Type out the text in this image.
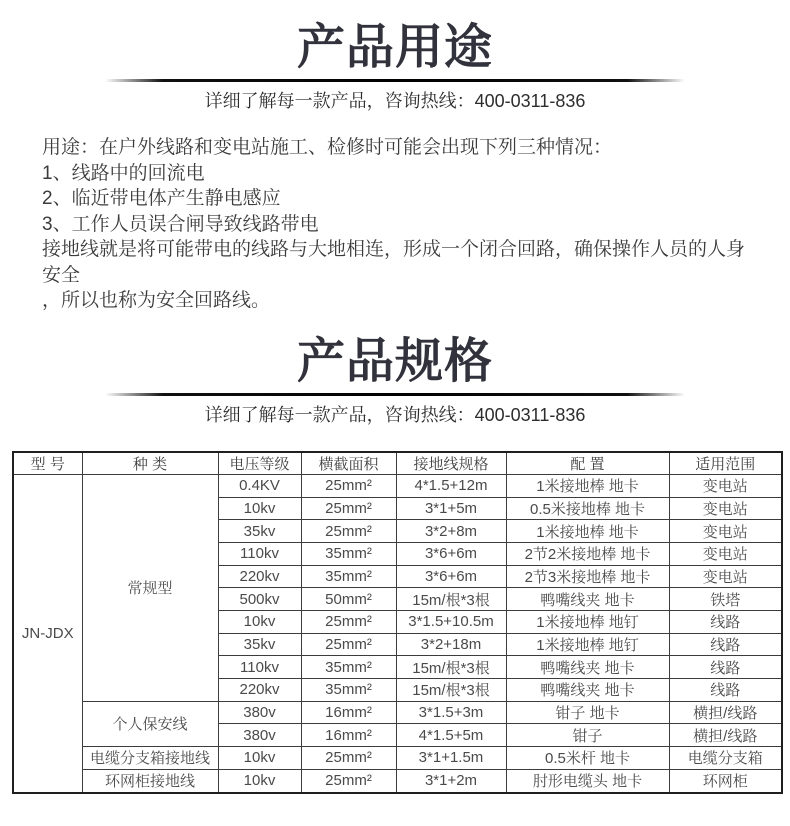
产品用途

详细了解每一款产品，咨询热线：400-0311-836

用途：在户外线路和变电站施工、检修时可能会出现下列三种情况：
1、线路中的回流电
2、临近带电体产生静电感应
3、工作人员误合闸导致线路带电
接地线就是将可能带电的线路与大地相连，形成一个闭合回路，确保操作人员的人身安全
，所以也称为安全回路线。
产品规格

详细了解每一款产品，咨询热线：400-0311-836

型 号	种 类	电压等级	横截面积	接地线规格	配 置	适用范围
JN-JDX	常规型	0.4KV	25mm²	4*1.5+12m	1米接地棒 地卡	变电站
		10kv	25mm²	3*1+5m	0.5米接地棒 地卡	变电站
		35kv	25mm²	3*2+8m	1米接地棒 地卡	变电站
		110kv	35mm²	3*6+6m	2节2米接地棒 地卡	变电站
		220kv	35mm²	3*6+6m	2节3米接地棒 地卡	变电站
		500kv	50mm²	15m/根*3根	鸭嘴线夹 地卡	铁塔
		10kv	25mm²	3*1.5+10.5m	1米接地棒 地钉	线路
		35kv	25mm²	3*2+18m	1米接地棒 地钉	线路
		110kv	35mm²	15m/根*3根	鸭嘴线夹 地卡	线路
		220kv	35mm²	15m/根*3根	鸭嘴线夹 地卡	线路
	个人保安线	380v	16mm²	3*1.5+3m	钳子 地卡	横担/线路
		380v	16mm²	4*1.5+5m	钳子	横担/线路
	电缆分支箱接地线	10kv	25mm²	3*1+1.5m	0.5米杆 地卡	电缆分支箱
	环网柜接地线	10kv	25mm²	3*1+2m	肘形电缆头 地卡	环网柜
